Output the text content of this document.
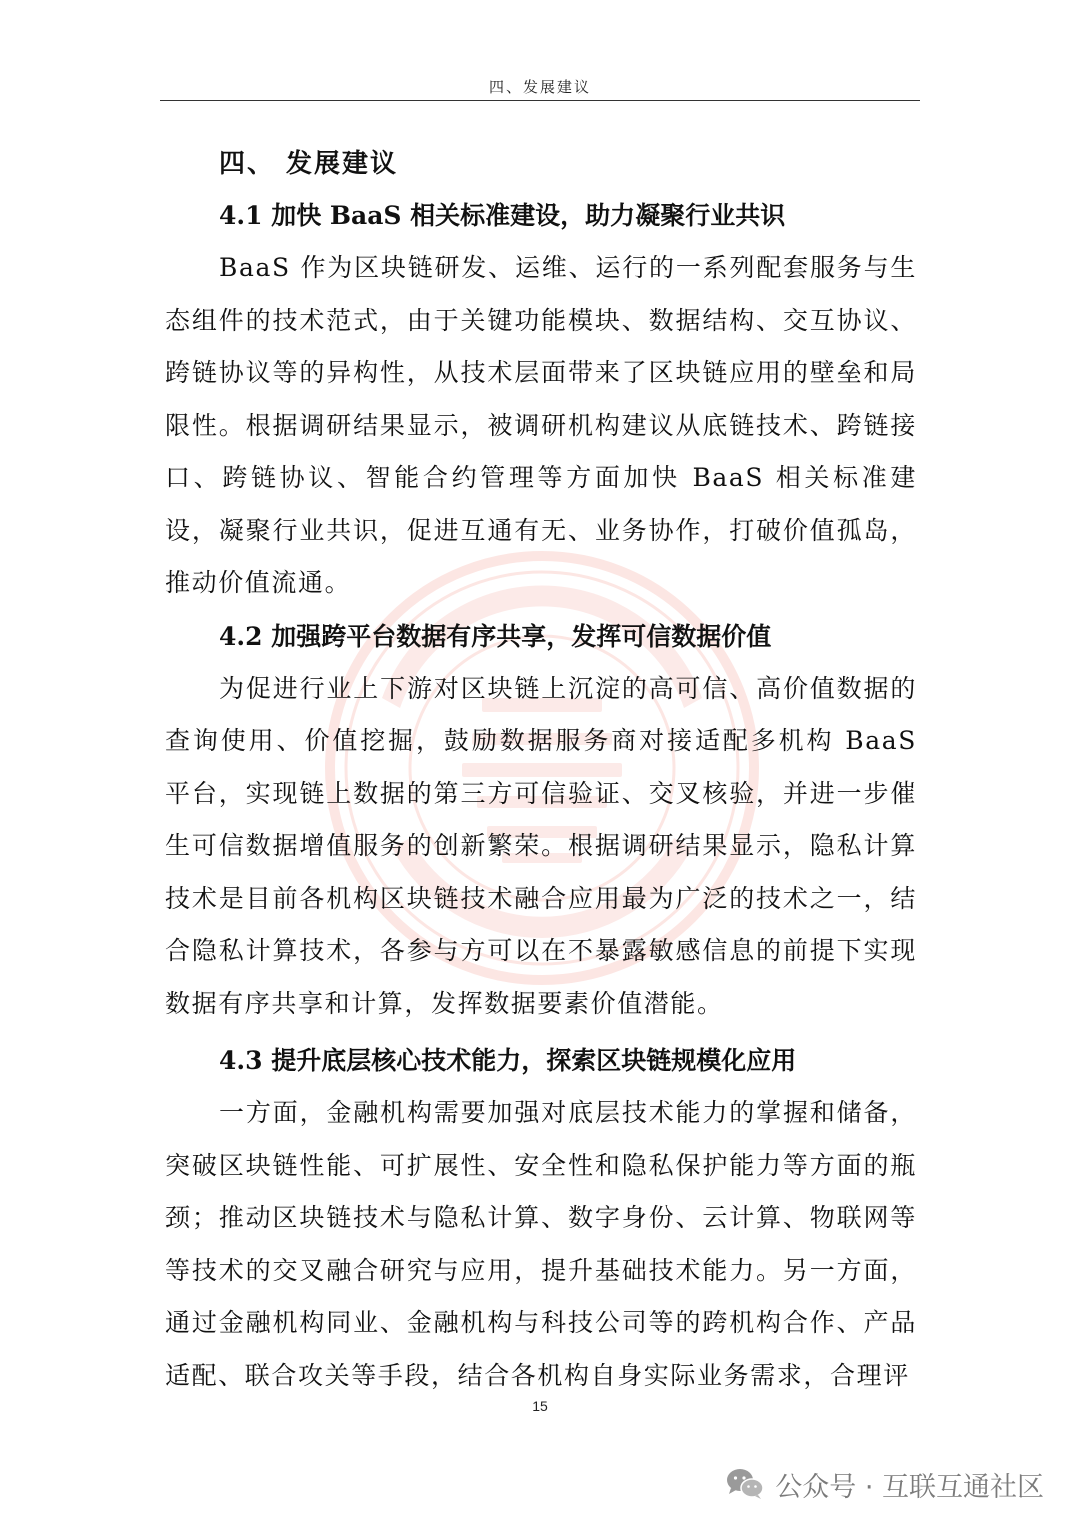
四、发展建议
四、 发展建议
4.1 加快 BaaS 相关标准建设，助力凝聚行业共识

BaaS 作为区块链研发、运维、运行的一系列配套服务与生态组件的技术范式，由于关键功能模块、数据结构、交互协议、跨链协议等的异构性，从技术层面带来了区块链应用的壁垒和局限性。根据调研结果显示，被调研机构建议从底链技术、跨链接口、跨链协议、智能合约管理等方面加快 BaaS 相关标准建设，凝聚行业共识，促进互通有无、业务协作，打破价值孤岛，推动价值流通。

4.2 加强跨平台数据有序共享，发挥可信数据价值

为促进行业上下游对区块链上沉淀的高可信、高价值数据的查询使用、价值挖掘，鼓励数据服务商对接适配多机构 BaaS 平台，实现链上数据的第三方可信验证、交叉核验，并进一步催生可信数据增值服务的创新繁荣。根据调研结果显示，隐私计算技术是目前各机构区块链技术融合应用最为广泛的技术之一，结合隐私计算技术，各参与方可以在不暴露敏感信息的前提下实现数据有序共享和计算，发挥数据要素价值潜能。

4.3 提升底层核心技术能力，探索区块链规模化应用

一方面，金融机构需要加强对底层技术能力的掌握和储备，突破区块链性能、可扩展性、安全性和隐私保护能力等方面的瓶颈；推动区块链技术与隐私计算、数字身份、云计算、物联网等等技术的交叉融合研究与应用，提升基础技术能力。另一方面，通过金融机构同业、金融机构与科技公司等的跨机构合作、产品适配、联合攻关等手段，结合各机构自身实际业务需求，合理评

15
公众号 · 互联互通社区
